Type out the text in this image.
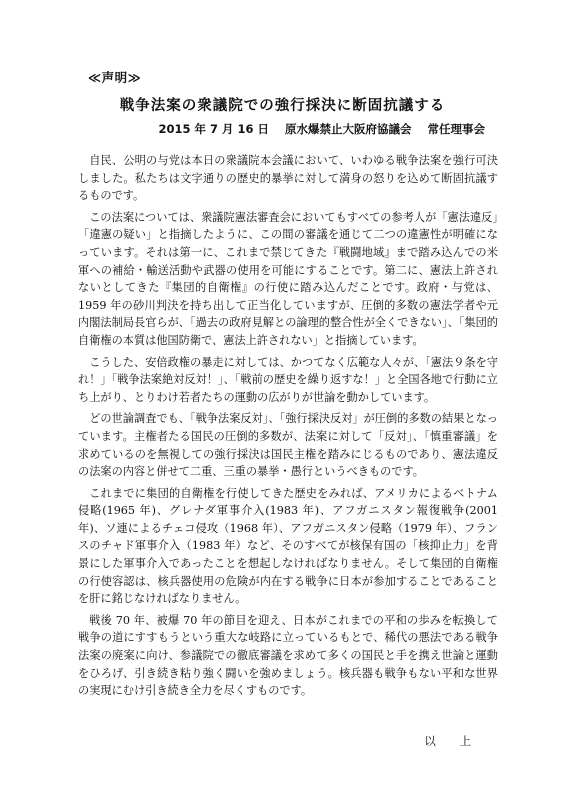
≪声明≫
戦争法案の衆議院での強行採決に断固抗議する
2015 年 7 月 16 日 原水爆禁止大阪府協議会 常任理事会

自民、公明の与党は本日の衆議院本会議において、いわゆる戦争法案を強行可決しました。私たちは文字通りの歴史的暴挙に対して満身の怒りを込めて断固抗議するものです。

この法案については、衆議院憲法審査会においてもすべての参考人が「憲法違反」「違憲の疑い」と指摘したように、この間の審議を通じて二つの違憲性が明確になっています。それは第一に、これまで禁じてきた『戦闘地域』まで踏み込んでの米軍への補給・輸送活動や武器の使用を可能にすることです。第二に、憲法上許されないとしてきた『集団的自衛権』の行使に踏み込んだことです。政府・与党は、1959 年の砂川判決を持ち出して正当化していますが、圧倒的多数の憲法学者や元内閣法制局長官らが、「過去の政府見解との論理的整合性が全くできない」、「集団的自衛権の本質は他国防衛で、憲法上許されない」と指摘しています。

こうした、安倍政権の暴走に対しては、かつてなく広範な人々が、「憲法９条を守れ！」「戦争法案絶対反対！」、「戦前の歴史を繰り返すな！」と全国各地で行動に立ち上がり、とりわけ若者たちの運動の広がりが世論を動かしています。

どの世論調査でも、「戦争法案反対」、「強行採決反対」が圧倒的多数の結果となっています。主権者たる国民の圧倒的多数が、法案に対して「反対」、「慎重審議」を求めているのを無視しての強行採決は国民主権を踏みにじるものであり、憲法違反の法案の内容と併せて二重、三重の暴挙・愚行というべきものです。

これまでに集団的自衛権を行使してきた歴史をみれば、アメリカによるベトナム侵略(1965 年)、グレナダ軍事介入(1983 年)、アフガニスタン報復戦争(2001 年)、ソ連によるチェコ侵攻（1968 年）、アフガニスタン侵略（1979 年）、フランスのチャド軍事介入（1983 年）など、そのすべてが核保有国の「核抑止力」を背景にした軍事介入であったことを想起しなければなりません。そして集団的自衛権の行使容認は、核兵器使用の危険が内在する戦争に日本が参加することであることを肝に銘じなければなりません。

戦後 70 年、被爆 70 年の節目を迎え、日本がこれまでの平和の歩みを転換して戦争の道にすすもうという重大な岐路に立っているもとで、稀代の悪法である戦争法案の廃案に向け、参議院での徹底審議を求めて多くの国民と手を携え世論と運動をひろげ、引き続き粘り強く闘いを強めましょう。核兵器も戦争もない平和な世界の実現にむけ引き続き全力を尽くすものです。

以 上
